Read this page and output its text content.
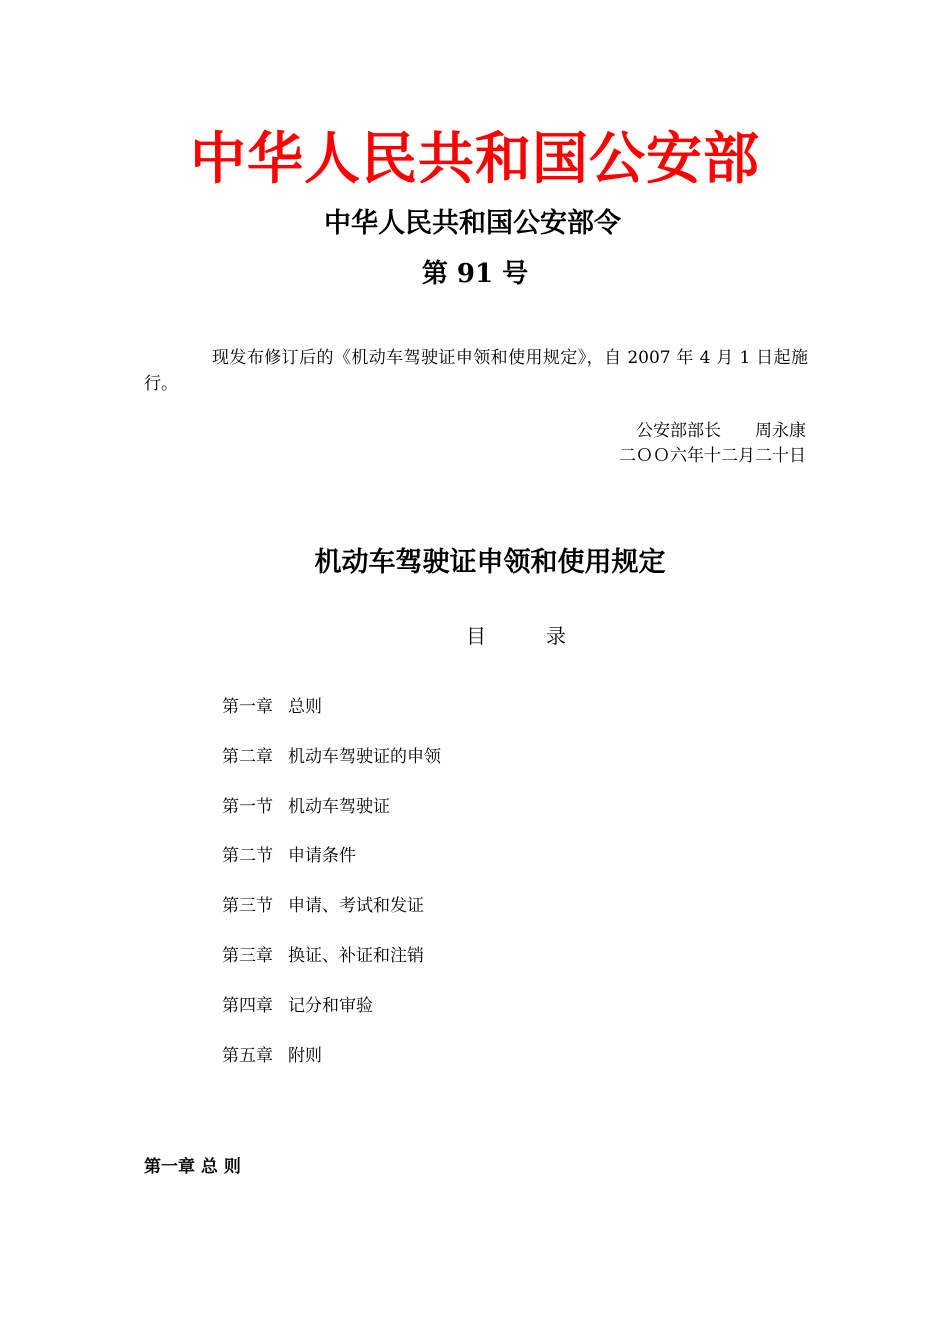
中华人民共和国公安部
中华人民共和国公安部令
第 91 号
现发布修订后的《机动车驾驶证申领和使用规定》，自 2007 年 4 月 1 日起施行。
公安部部长　　周永康
二ＯＯ六年十二月二十日
机动车驾驶证申领和使用规定
目　　　录
第一章 总则
第二章 机动车驾驶证的申领
第一节 机动车驾驶证
第二节 申请条件
第三节 申请、考试和发证
第三章 换证、补证和注销
第四章 记分和审验
第五章 附则
第一章 总 则
